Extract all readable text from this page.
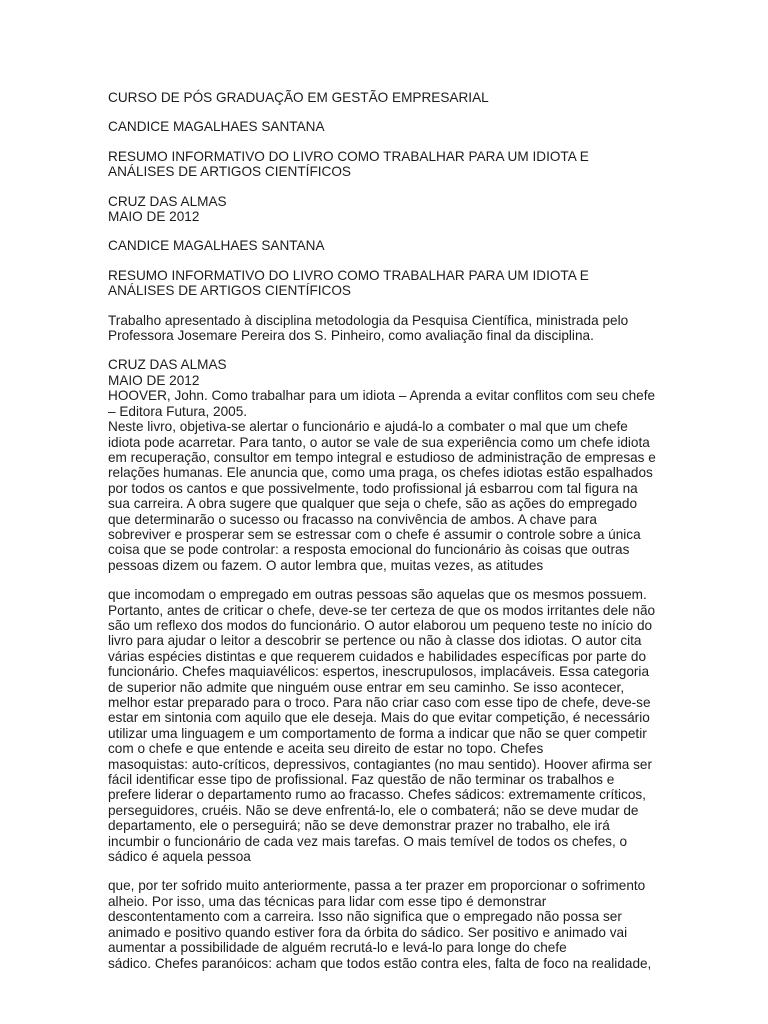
CURSO DE PÓS GRADUAÇÃO EM GESTÃO EMPRESARIAL
CANDICE MAGALHAES SANTANA
RESUMO INFORMATIVO DO LIVRO COMO TRABALHAR PARA UM IDIOTA E
ANÁLISES DE ARTIGOS CIENTÍFICOS
CRUZ DAS ALMAS
MAIO DE 2012
CANDICE MAGALHAES SANTANA
RESUMO INFORMATIVO DO LIVRO COMO TRABALHAR PARA UM IDIOTA E
ANÁLISES DE ARTIGOS CIENTÍFICOS
Trabalho apresentado à disciplina metodologia da Pesquisa Científica, ministrada pelo
Professora Josemare Pereira dos S. Pinheiro, como avaliação final da disciplina.
CRUZ DAS ALMAS
MAIO DE 2012
HOOVER, John. Como trabalhar para um idiota – Aprenda a evitar conflitos com seu chefe
– Editora Futura, 2005.
Neste livro, objetiva-se alertar o funcionário e ajudá-lo a combater o mal que um chefe
idiota pode acarretar. Para tanto, o autor se vale de sua experiência como um chefe idiota
em recuperação, consultor em tempo integral e estudioso de administração de empresas e
relações humanas. Ele anuncia que, como uma praga, os chefes idiotas estão espalhados
por todos os cantos e que possivelmente, todo profissional já esbarrou com tal figura na
sua carreira. A obra sugere que qualquer que seja o chefe, são as ações do empregado
que determinarão o sucesso ou fracasso na convivência de ambos. A chave para
sobreviver e prosperar sem se estressar com o chefe é assumir o controle sobre a única
coisa que se pode controlar: a resposta emocional do funcionário às coisas que outras
pessoas dizem ou fazem. O autor lembra que, muitas vezes, as atitudes
que incomodam o empregado em outras pessoas são aquelas que os mesmos possuem.
Portanto, antes de criticar o chefe, deve-se ter certeza de que os modos irritantes dele não
são um reflexo dos modos do funcionário. O autor elaborou um pequeno teste no início do
livro para ajudar o leitor a descobrir se pertence ou não à classe dos idiotas. O autor cita
várias espécies distintas e que requerem cuidados e habilidades específicas por parte do
funcionário. Chefes maquiavélicos: espertos, inescrupulosos, implacáveis. Essa categoria
de superior não admite que ninguém ouse entrar em seu caminho. Se isso acontecer,
melhor estar preparado para o troco. Para não criar caso com esse tipo de chefe, deve-se
estar em sintonia com aquilo que ele deseja. Mais do que evitar competição, é necessário
utilizar uma linguagem e um comportamento de forma a indicar que não se quer competir
com o chefe e que entende e aceita seu direito de estar no topo. Chefes
masoquistas: auto-críticos, depressivos, contagiantes (no mau sentido). Hoover afirma ser
fácil identificar esse tipo de profissional. Faz questão de não terminar os trabalhos e
prefere liderar o departamento rumo ao fracasso. Chefes sádicos: extremamente críticos,
perseguidores, cruéis. Não se deve enfrentá-lo, ele o combaterá; não se deve mudar de
departamento, ele o perseguirá; não se deve demonstrar prazer no trabalho, ele irá
incumbir o funcionário de cada vez mais tarefas. O mais temível de todos os chefes, o
sádico é aquela pessoa
que, por ter sofrido muito anteriormente, passa a ter prazer em proporcionar o sofrimento
alheio. Por isso, uma das técnicas para lidar com esse tipo é demonstrar
descontentamento com a carreira. Isso não significa que o empregado não possa ser
animado e positivo quando estiver fora da órbita do sádico. Ser positivo e animado vai
aumentar a possibilidade de alguém recrutá-lo e levá-lo para longe do chefe
sádico. Chefes paranóicos: acham que todos estão contra eles, falta de foco na realidade,
